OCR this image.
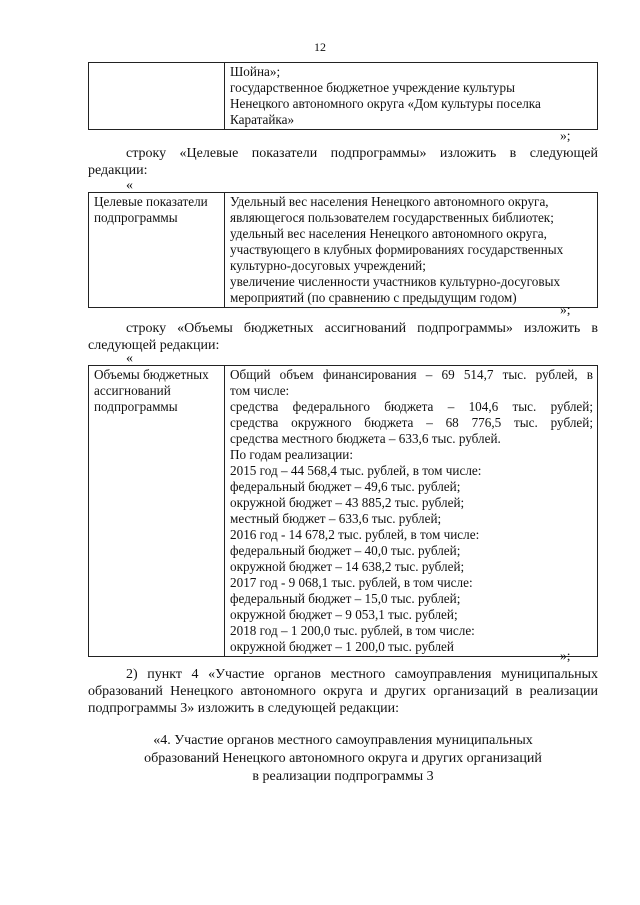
12

Шойна»;
государственное бюджетное учреждение культуры
Ненецкого автономного округа «Дом культуры поселка
Каратайка»
»;
строку «Целевые показатели подпрограммы» изложить в следующей
редакции:
«
Целевые показатели
подпрограммы

Удельный вес населения Ненецкого автономного округа,
являющегося пользователем государственных библиотек;
удельный вес населения Ненецкого автономного округа,
участвующего в клубных формированиях государственных
культурно-досуговых учреждений;
увеличение численности участников культурно-досуговых
мероприятий (по сравнению с предыдущим годом)
»;
строку «Объемы бюджетных ассигнований подпрограммы» изложить в
следующей редакции:
«
Объемы бюджетных
ассигнований
подпрограммы

Общий объем финансирования – 69 514,7 тыс. рублей, в
том числе:
средства федерального бюджета – 104,6 тыс. рублей;
средства окружного бюджета – 68 776,5 тыс. рублей;
средства местного бюджета – 633,6 тыс. рублей.
По годам реализации:
2015 год – 44 568,4 тыс. рублей, в том числе:
федеральный бюджет – 49,6 тыс. рублей;
окружной бюджет – 43 885,2 тыс. рублей;
местный бюджет – 633,6 тыс. рублей;
2016 год - 14 678,2 тыс. рублей, в том числе:
федеральный бюджет – 40,0 тыс. рублей;
окружной бюджет – 14 638,2 тыс. рублей;
2017 год - 9 068,1 тыс. рублей, в том числе:
федеральный бюджет – 15,0 тыс. рублей;
окружной бюджет – 9 053,1 тыс. рублей;
2018 год – 1 200,0 тыс. рублей, в том числе:
окружной бюджет – 1 200,0 тыс. рублей
»;
2) пункт 4 «Участие органов местного самоуправления муниципальных
образований Ненецкого автономного округа и других организаций в реализации
подпрограммы 3» изложить в следующей редакции:
«4. Участие органов местного самоуправления муниципальных
образований Ненецкого автономного округа и других организаций
в реализации подпрограммы 3
